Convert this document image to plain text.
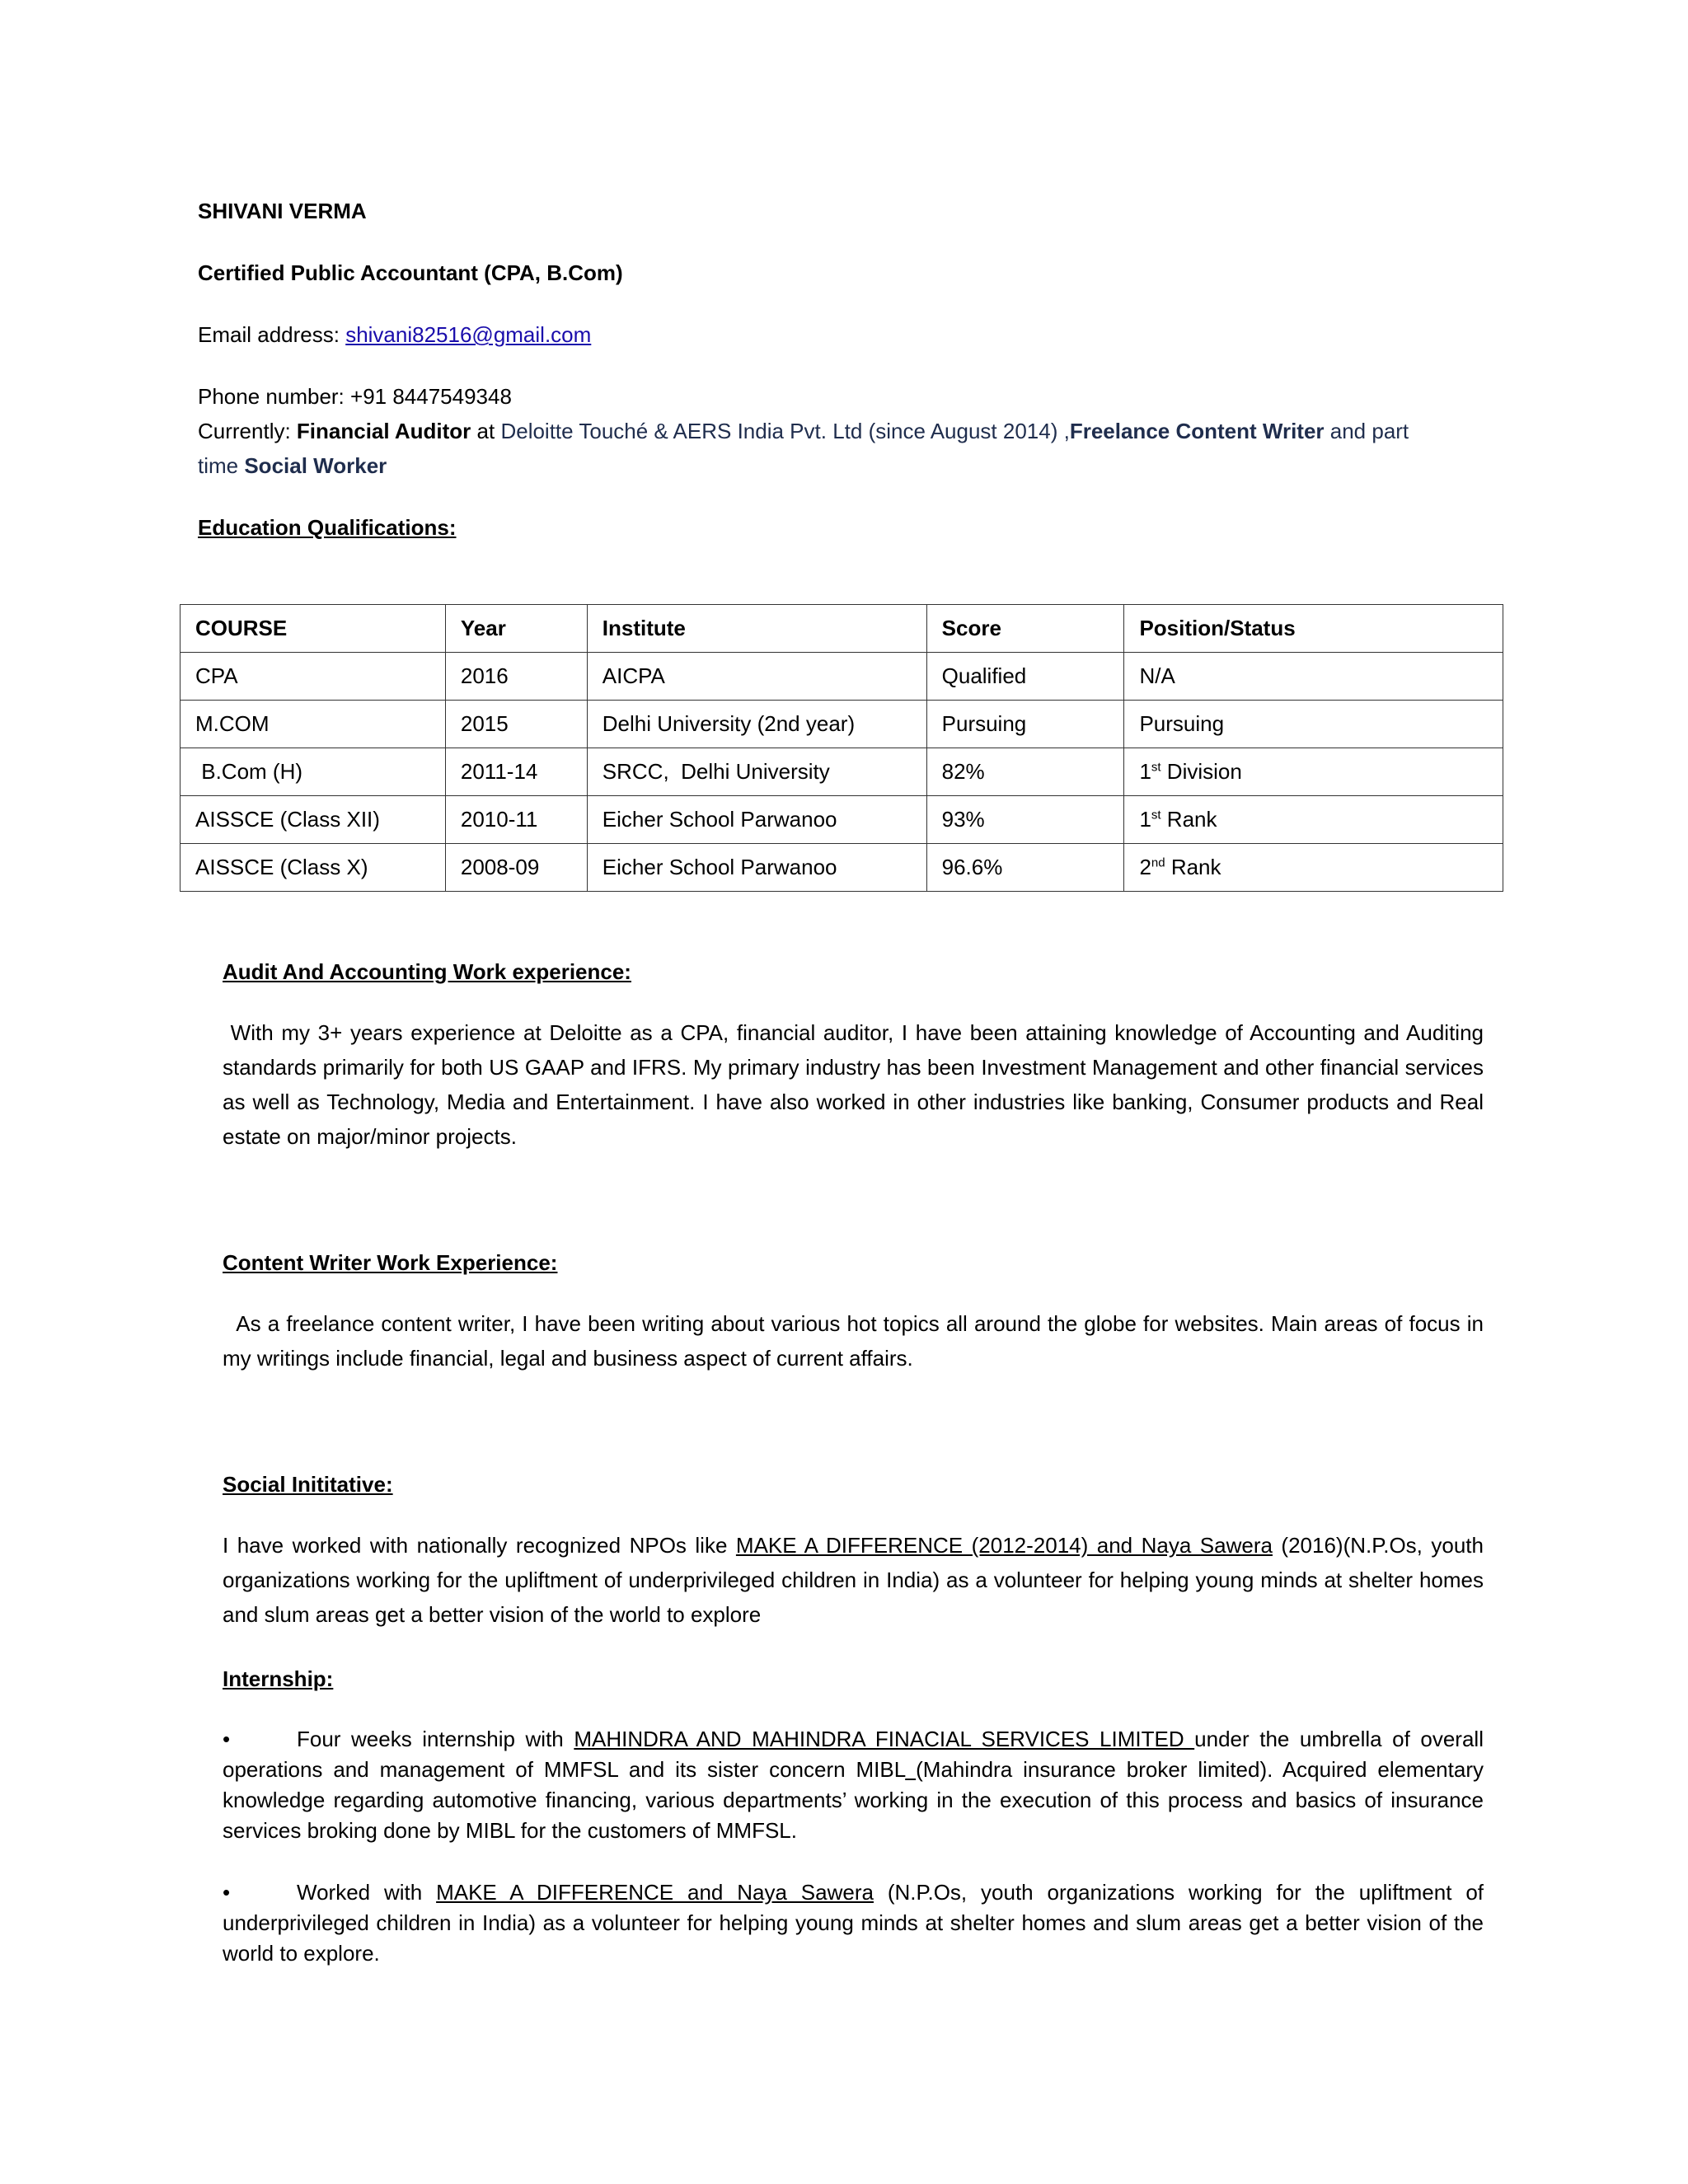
SHIVANI VERMA
Certified Public Accountant (CPA, B.Com)
Email address: shivani82516@gmail.com
Phone number: +91 8447549348
Currently: Financial Auditor at Deloitte Touché & AERS India Pvt. Ltd (since August 2014) ,Freelance Content Writer and part
time Social Worker
Education Qualifications:
COURSE	Year	Institute	Score	Position/Status
CPA	2016	AICPA	Qualified	N/A
M.COM	2015	Delhi University (2nd year)	Pursuing	Pursuing
B.Com (H)	2011-14	SRCC,  Delhi University	82%	1st Division
AISSCE (Class XII)	2010-11	Eicher School Parwanoo	93%	1st Rank
AISSCE (Class X)	2008-09	Eicher School Parwanoo	96.6%	2nd Rank
Audit And Accounting Work experience:
With my 3+ years experience at Deloitte as a CPA, financial auditor, I have been attaining knowledge of Accounting and Auditing standards primarily for both US GAAP and IFRS. My primary industry has been Investment Management and other financial services as well as Technology, Media and Entertainment. I have also worked in other industries like banking, Consumer products and Real estate on major/minor projects.
Content Writer Work Experience:
As a freelance content writer, I have been writing about various hot topics all around the globe for websites. Main areas of focus in my writings include financial, legal and business aspect of current affairs.
Social Inititative:
I have worked with nationally recognized NPOs like MAKE A DIFFERENCE (2012-2014) and Naya Sawera (2016)(N.P.Os, youth organizations working for the upliftment of underprivileged children in India) as a volunteer for helping young minds at shelter homes and slum areas get a better vision of the world to explore
Internship:
•	Four weeks internship with MAHINDRA AND MAHINDRA FINACIAL SERVICES LIMITED under the umbrella of overall operations and management of MMFSL and its sister concern MIBL (Mahindra insurance broker limited). Acquired elementary knowledge regarding automotive financing, various departments’ working in the execution of this process and basics of insurance services broking done by MIBL for the customers of MMFSL.
•	Worked with MAKE A DIFFERENCE and Naya Sawera (N.P.Os, youth organizations working for the upliftment of underprivileged children in India) as a volunteer for helping young minds at shelter homes and slum areas get a better vision of the world to explore.
